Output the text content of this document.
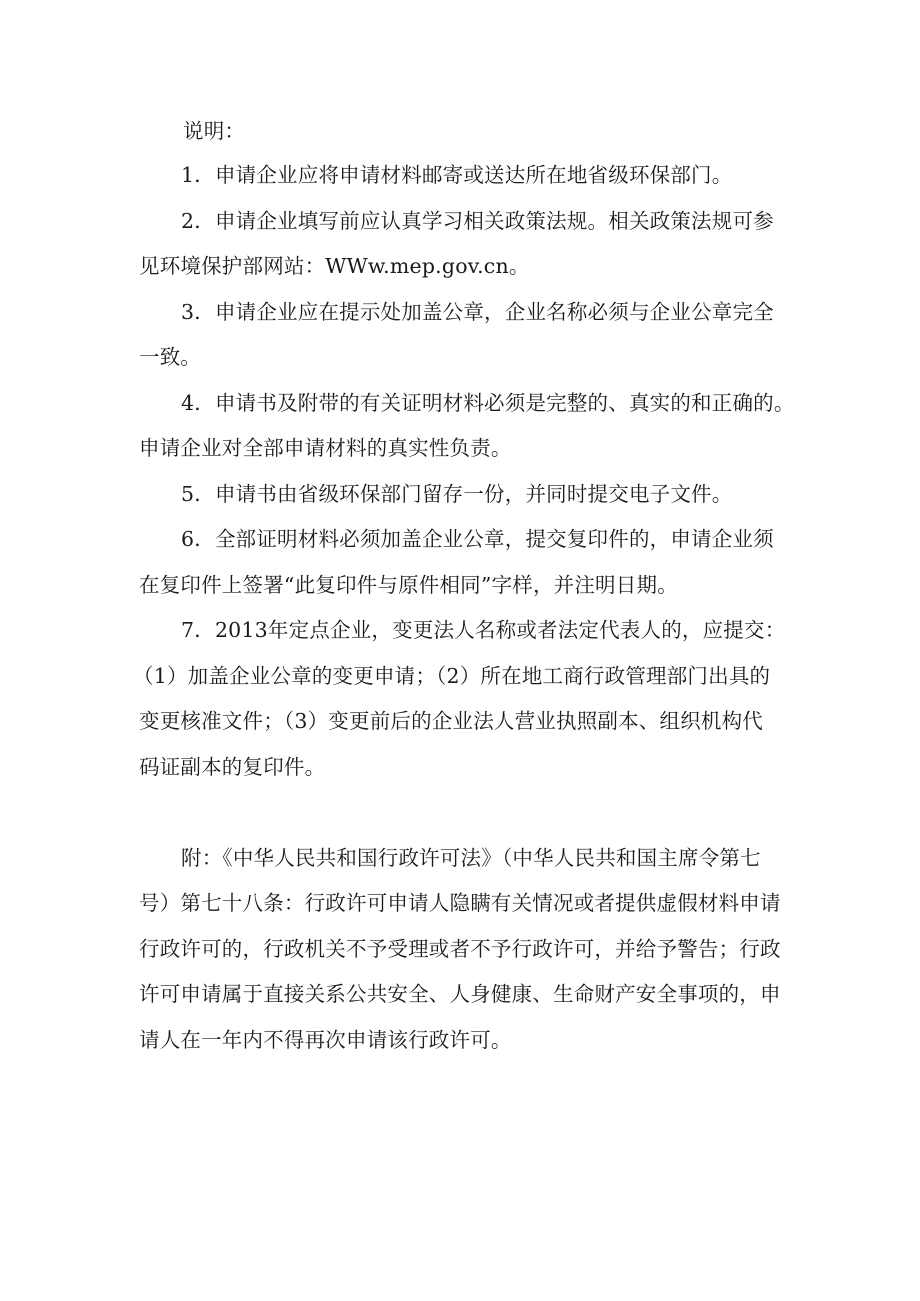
说明：
1．申请企业应将申请材料邮寄或送达所在地省级环保部门。
2．申请企业填写前应认真学习相关政策法规。相关政策法规可参
见环境保护部网站：WWw.mep.gov.cn。
3．申请企业应在提示处加盖公章，企业名称必须与企业公章完全
一致。
4．申请书及附带的有关证明材料必须是完整的、真实的和正确的。
申请企业对全部申请材料的真实性负责。
5．申请书由省级环保部门留存一份，并同时提交电子文件。
6．全部证明材料必须加盖企业公章，提交复印件的，申请企业须
在复印件上签署“此复印件与原件相同”字样，并注明日期。
7．2013年定点企业，变更法人名称或者法定代表人的，应提交：
（1）加盖企业公章的变更申请；（2）所在地工商行政管理部门出具的
变更核准文件；（3）变更前后的企业法人营业执照副本、组织机构代
码证副本的复印件。
附：《中华人民共和国行政许可法》（中华人民共和国主席令第七
号）第七十八条：行政许可申请人隐瞒有关情况或者提供虚假材料申请
行政许可的，行政机关不予受理或者不予行政许可，并给予警告；行政
许可申请属于直接关系公共安全、人身健康、生命财产安全事项的，申
请人在一年内不得再次申请该行政许可。
